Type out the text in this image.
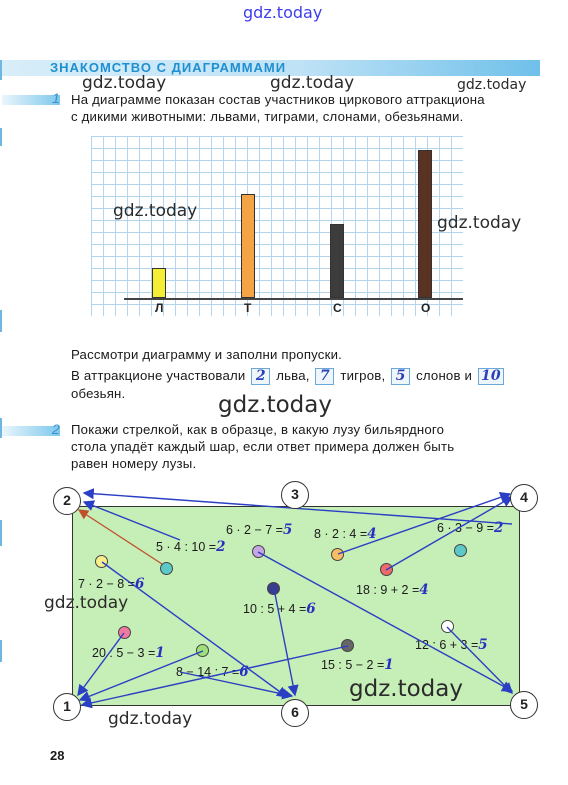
gdz.today
ЗНАКОМСТВО С ДИАГРАММАМИ
gdz.today	gdz.today	gdz.today
1 На диаграмме показан состав участников циркового аттракциона
с дикими животными: львами, тиграми, слонами, обезьянами.
Л	Т	С	О
gdz.today
gdz.today
Рассмотри диаграмму и заполни пропуски.
В аттракционе участвовали 2 льва, 7 тигров, 5 слонов и 10
обезьян.	gdz.today
2 Покажи стрелкой, как в образце, в какую лузу бильярдного
стола упадёт каждый шар, если ответ примера должен быть
равен номеру лузы.
5 · 4 : 10 =2
6 · 2 − 7 =5 8 · 2 : 4 =4	6 · 3 − 9 =2
7 · 2 − 8 =6	18 : 9 + 2 =4
10 : 5 + 4 =6
12 : 6 + 3 =5
20 : 5 − 3 =1
8 − 14 : 7 =6	15 : 5 − 2 =1
2	3	4
1	6	5
gdz.today
gdz.today
gdz.today
28
